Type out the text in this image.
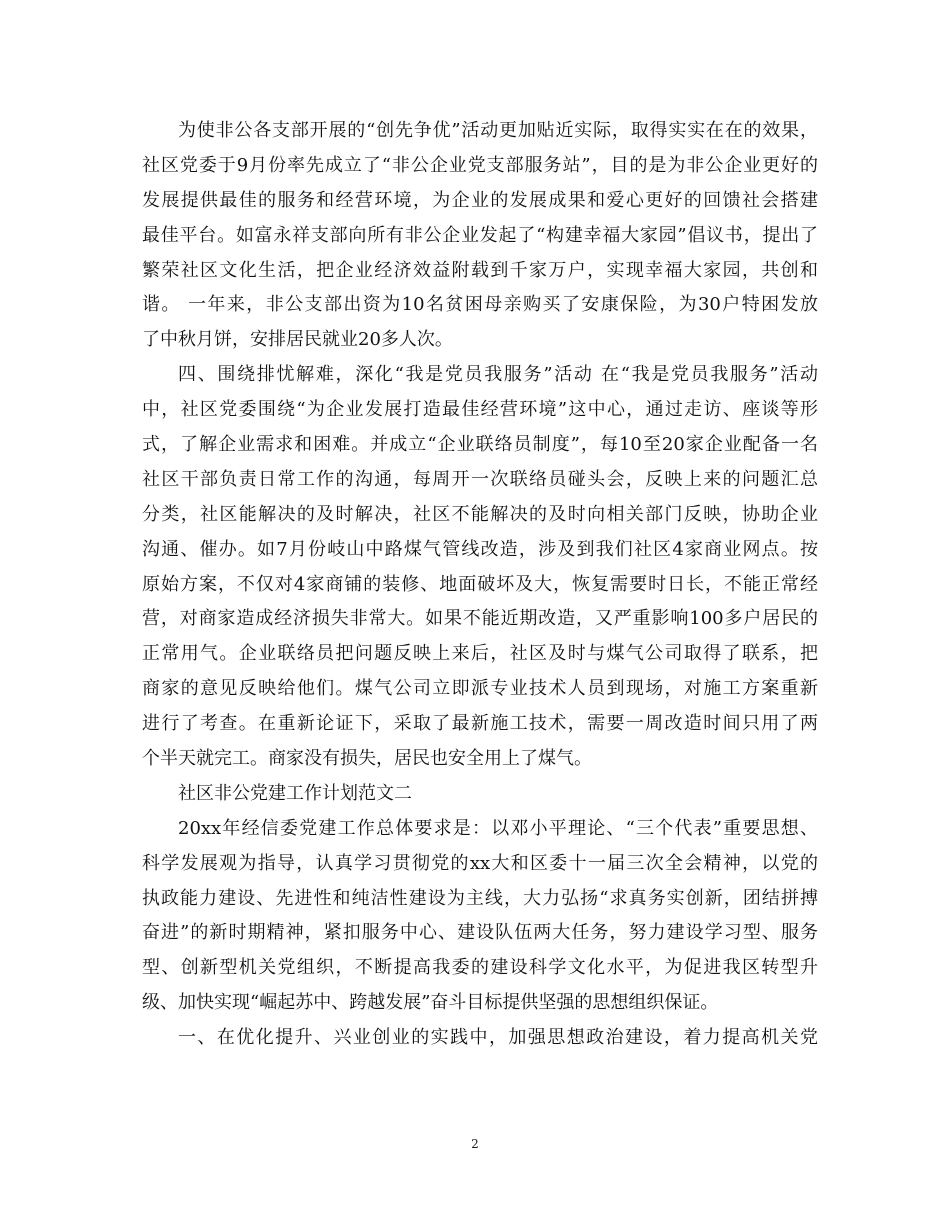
为使非公各支部开展的“创先争优”活动更加贴近实际，取得实实在在的效果，
社区党委于9月份率先成立了“非公企业党支部服务站”，目的是为非公企业更好的
发展提供最佳的服务和经营环境，为企业的发展成果和爱心更好的回馈社会搭建
最佳平台。如富永祥支部向所有非公企业发起了“构建幸福大家园”倡议书，提出了
繁荣社区文化生活，把企业经济效益附载到千家万户，实现幸福大家园，共创和
谐。 一年来，非公支部出资为10名贫困母亲购买了安康保险，为30户特困发放
了中秋月饼，安排居民就业20多人次。
四、围绕排忧解难，深化“我是党员我服务”活动 在“我是党员我服务”活动
中，社区党委围绕“为企业发展打造最佳经营环境”这中心，通过走访、座谈等形
式，了解企业需求和困难。并成立“企业联络员制度”，每10至20家企业配备一名
社区干部负责日常工作的沟通，每周开一次联络员碰头会，反映上来的问题汇总
分类，社区能解决的及时解决，社区不能解决的及时向相关部门反映，协助企业
沟通、催办。如7月份岐山中路煤气管线改造，涉及到我们社区4家商业网点。按
原始方案，不仅对4家商铺的装修、地面破坏及大，恢复需要时日长，不能正常经
营，对商家造成经济损失非常大。如果不能近期改造，又严重影响100多户居民的
正常用气。企业联络员把问题反映上来后，社区及时与煤气公司取得了联系，把
商家的意见反映给他们。煤气公司立即派专业技术人员到现场，对施工方案重新
进行了考查。在重新论证下，采取了最新施工技术，需要一周改造时间只用了两
个半天就完工。商家没有损失，居民也安全用上了煤气。
社区非公党建工作计划范文二
20xx年经信委党建工作总体要求是：以邓小平理论、“三个代表”重要思想、
科学发展观为指导，认真学习贯彻党的xx大和区委十一届三次全会精神，以党的
执政能力建设、先进性和纯洁性建设为主线，大力弘扬“求真务实创新，团结拼搏
奋进”的新时期精神，紧扣服务中心、建设队伍两大任务，努力建设学习型、服务
型、创新型机关党组织，不断提高我委的建设科学文化水平，为促进我区转型升
级、加快实现“崛起苏中、跨越发展”奋斗目标提供坚强的思想组织保证。
一、在优化提升、兴业创业的实践中，加强思想政治建设，着力提高机关党
2
